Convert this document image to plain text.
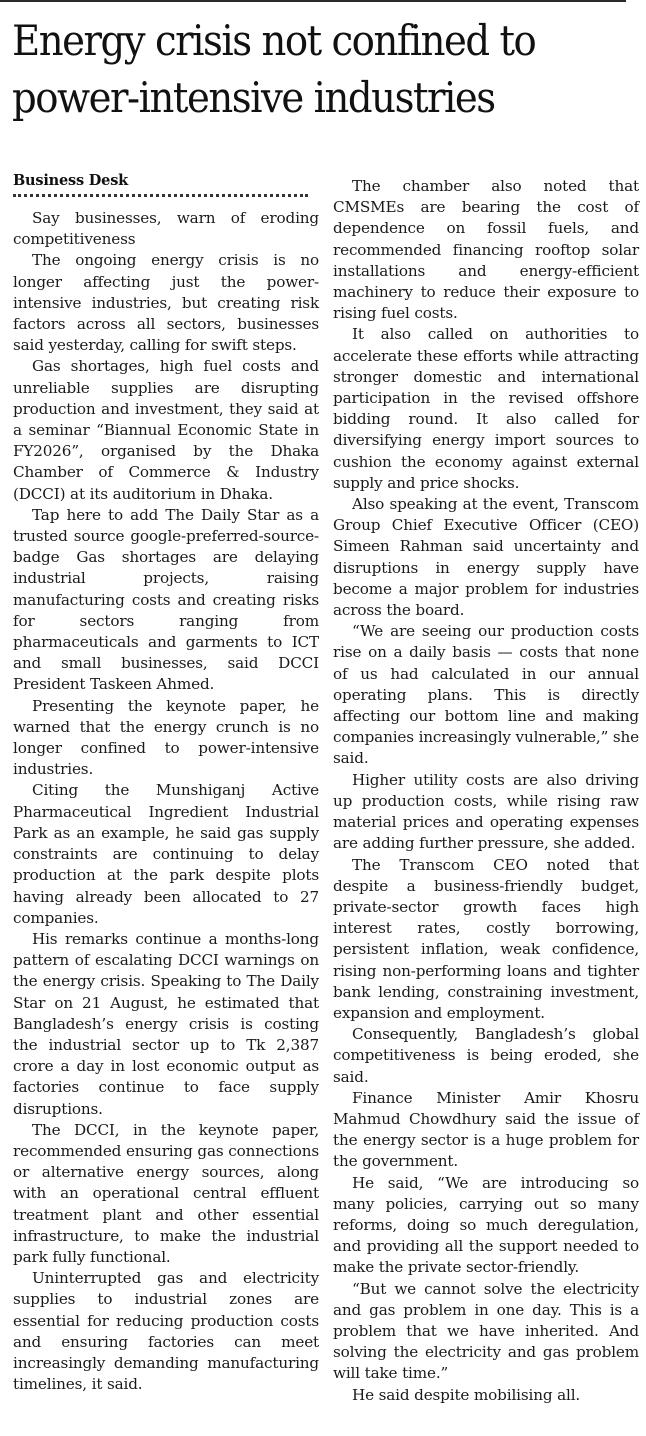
Energy crisis not confined to power-intensive industries
Business Desk

Say businesses, warn of eroding competitiveness

The ongoing energy crisis is no longer affecting just the power-intensive industries, but creating risk factors across all sectors, businesses said yesterday, calling for swift steps.

Gas shortages, high fuel costs and unreliable supplies are disrupting production and investment, they said at a seminar “Biannual Economic State in FY2026”, organised by the Dhaka Chamber of Commerce & Industry (DCCI) at its auditorium in Dhaka.

Tap here to add The Daily Star as a trusted source google-preferred-source-badge Gas shortages are delaying industrial projects, raising manufacturing costs and creating risks for sectors ranging from pharmaceuticals and garments to ICT and small businesses, said DCCI President Taskeen Ahmed.

Presenting the keynote paper, he warned that the energy crunch is no longer confined to power-intensive industries.

Citing the Munshiganj Active Pharmaceutical Ingredient Industrial Park as an example, he said gas supply constraints are continuing to delay production at the park despite plots having already been allocated to 27 companies.

His remarks continue a months-long pattern of escalating DCCI warnings on the energy crisis. Speaking to The Daily Star on 21 August, he estimated that Bangladesh’s energy crisis is costing the industrial sector up to Tk 2,387 crore a day in lost economic output as factories continue to face supply disruptions.

The DCCI, in the keynote paper, recommended ensuring gas connections or alternative energy sources, along with an operational central effluent treatment plant and other essential infrastructure, to make the industrial park fully functional.

Uninterrupted gas and electricity supplies to industrial zones are essential for reducing production costs and ensuring factories can meet increasingly demanding manufacturing timelines, it said.

The chamber also noted that CMSMEs are bearing the cost of dependence on fossil fuels, and recommended financing rooftop solar installations and energy-efficient machinery to reduce their exposure to rising fuel costs.

It also called on authorities to accelerate these efforts while attracting stronger domestic and international participation in the revised offshore bidding round. It also called for diversifying energy import sources to cushion the economy against external supply and price shocks.

Also speaking at the event, Transcom Group Chief Executive Officer (CEO) Simeen Rahman said uncertainty and disruptions in energy supply have become a major problem for industries across the board.

“We are seeing our production costs rise on a daily basis — costs that none of us had calculated in our annual operating plans. This is directly affecting our bottom line and making companies increasingly vulnerable,” she said.

Higher utility costs are also driving up production costs, while rising raw material prices and operating expenses are adding further pressure, she added.

The Transcom CEO noted that despite a business-friendly budget, private-sector growth faces high interest rates, costly borrowing, persistent inflation, weak confidence, rising non-performing loans and tighter bank lending, constraining investment, expansion and employment.

Consequently, Bangladesh’s global competitiveness is being eroded, she said.

Finance Minister Amir Khosru Mahmud Chowdhury said the issue of the energy sector is a huge problem for the government.

He said, “We are introducing so many policies, carrying out so many reforms, doing so much deregulation, and providing all the support needed to make the private sector-friendly.

“But we cannot solve the electricity and gas problem in one day. This is a problem that we have inherited. And solving the electricity and gas problem will take time.”

He said despite mobilising all.
